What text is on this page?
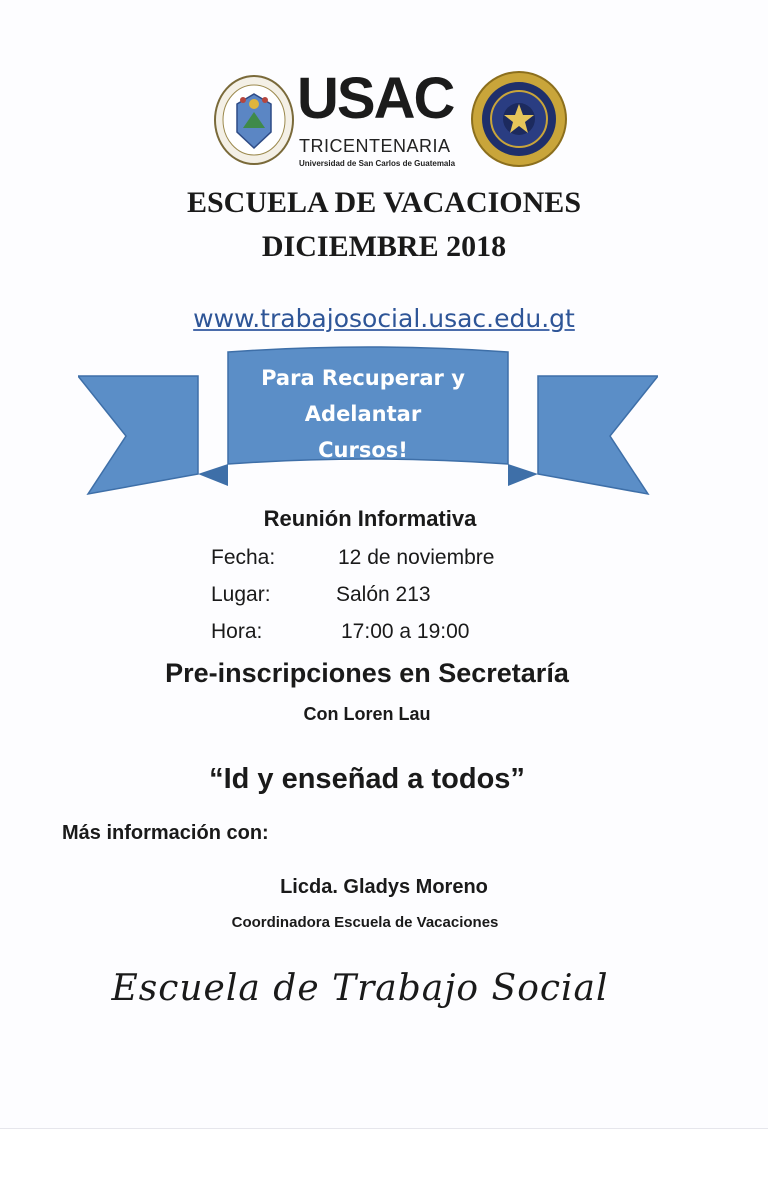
USAC
TRICENTENARIA
Universidad de San Carlos de Guatemala
ESCUELA DE VACACIONES
DICIEMBRE 2018
www.trabajosocial.usac.edu.gt
Para Recuperar y
Adelantar
Cursos!
Reunión Informativa
Fecha:	12 de noviembre
Lugar:	Salón 213
Hora:	17:00 a 19:00
Pre-inscripciones en Secretaría
Con Loren Lau
“Id y enseñad a todos”
Más información con:
Licda. Gladys Moreno
Coordinadora Escuela de Vacaciones
Escuela de Trabajo Social
